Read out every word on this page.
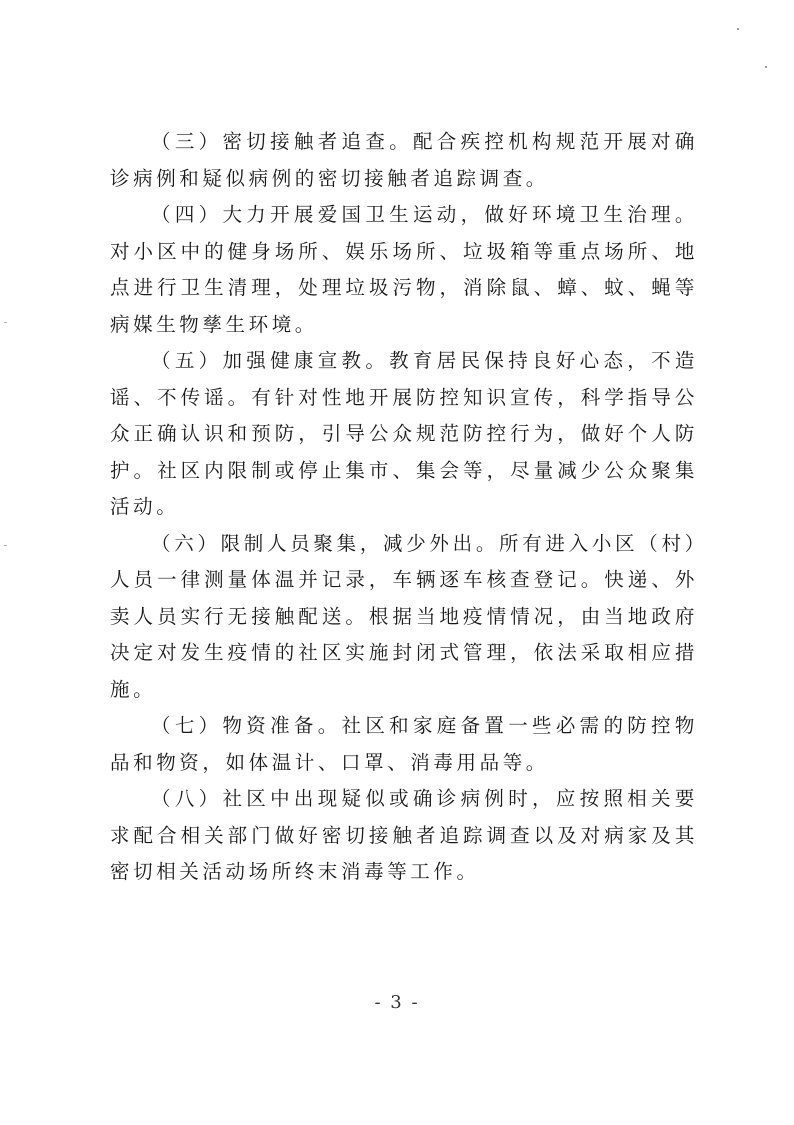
（三）密切接触者追查。配合疾控机构规范开展对确诊病例和疑似病例的密切接触者追踪调查。

（四）大力开展爱国卫生运动，做好环境卫生治理。对小区中的健身场所、娱乐场所、垃圾箱等重点场所、地点进行卫生清理，处理垃圾污物，消除鼠、蟑、蚊、蝇等病媒生物孳生环境。

（五）加强健康宣教。教育居民保持良好心态，不造谣、不传谣。有针对性地开展防控知识宣传，科学指导公众正确认识和预防，引导公众规范防控行为，做好个人防护。社区内限制或停止集市、集会等，尽量减少公众聚集活动。

（六）限制人员聚集，减少外出。所有进入小区（村）人员一律测量体温并记录，车辆逐车核查登记。快递、外卖人员实行无接触配送。根据当地疫情情况，由当地政府决定对发生疫情的社区实施封闭式管理，依法采取相应措施。

（七）物资准备。社区和家庭备置一些必需的防控物品和物资，如体温计、口罩、消毒用品等。

（八）社区中出现疑似或确诊病例时，应按照相关要求配合相关部门做好密切接触者追踪调查以及对病家及其密切相关活动场所终末消毒等工作。

- 3 -
